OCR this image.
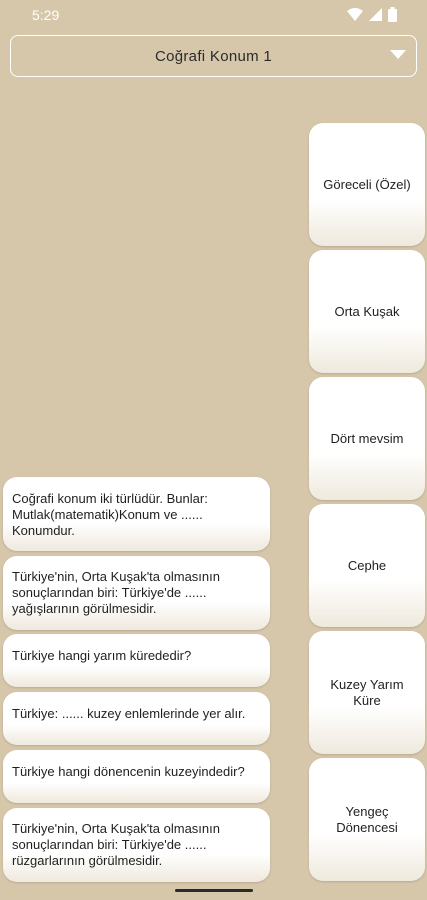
5:29
Coğrafi Konum 1
Coğrafi konum iki türlüdür. Bunlar: Mutlak(matematik)Konum ve ...... Konumdur.
Türkiye'nin, Orta Kuşak'ta olmasının sonuçlarından biri: Türkiye'de ...... yağışlarının görülmesidir.
Türkiye hangi yarım kürededir?
Türkiye: ...... kuzey enlemlerinde yer alır.
Türkiye hangi dönencenin kuzeyindedir?
Türkiye'nin, Orta Kuşak'ta olmasının sonuçlarından biri: Türkiye'de ...... rüzgarlarının görülmesidir.
Göreceli (Özel)
Orta Kuşak
Dört mevsim
Cephe
Kuzey Yarım Küre
Yengeç Dönencesi
